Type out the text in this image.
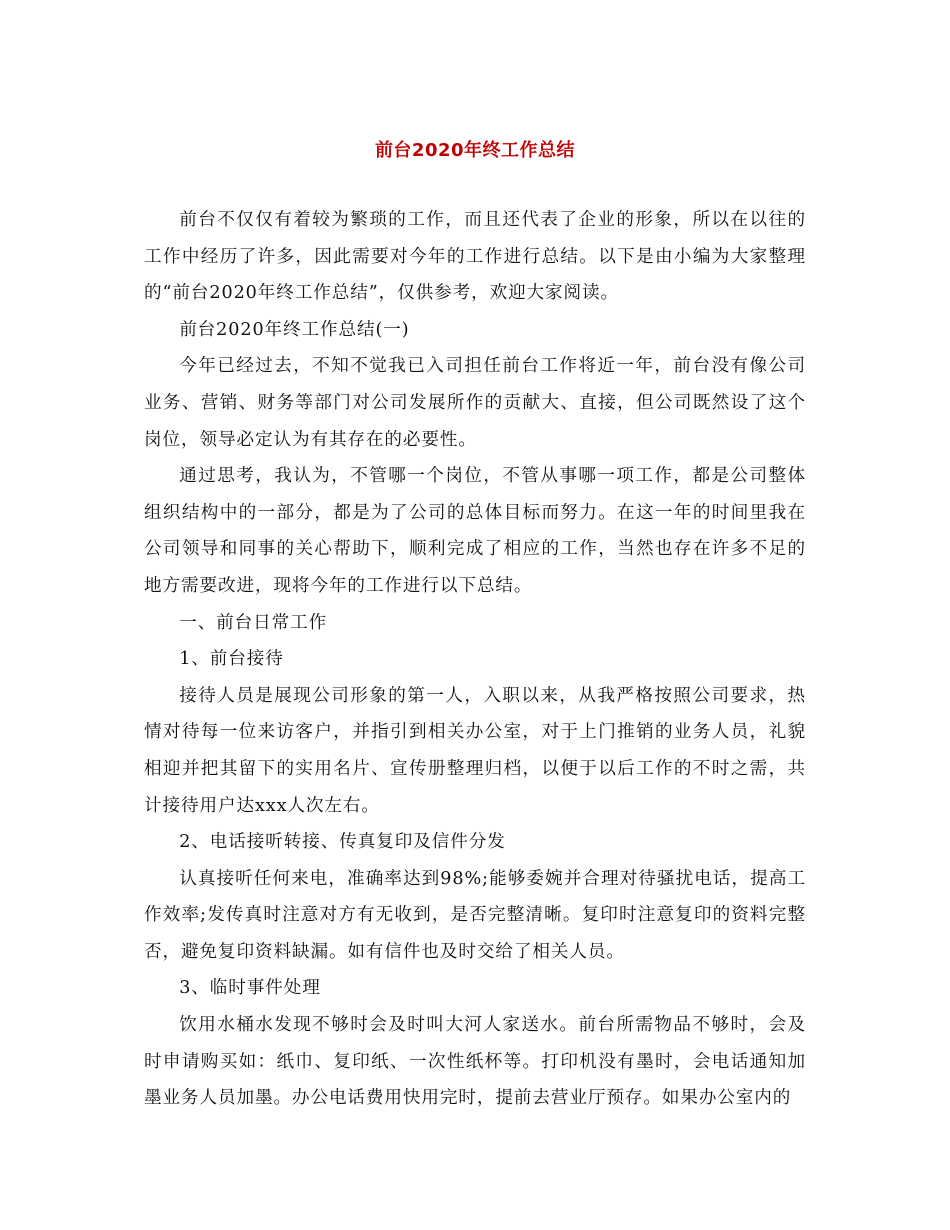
前台2020年终工作总结

前台不仅仅有着较为繁琐的工作，而且还代表了企业的形象，所以在以往的工作中经历了许多，因此需要对今年的工作进行总结。以下是由小编为大家整理的“前台2020年终工作总结”，仅供参考，欢迎大家阅读。

前台2020年终工作总结(一)

今年已经过去，不知不觉我已入司担任前台工作将近一年，前台没有像公司业务、营销、财务等部门对公司发展所作的贡献大、直接，但公司既然设了这个岗位，领导必定认为有其存在的必要性。

通过思考，我认为，不管哪一个岗位，不管从事哪一项工作，都是公司整体组织结构中的一部分，都是为了公司的总体目标而努力。在这一年的时间里我在公司领导和同事的关心帮助下，顺利完成了相应的工作，当然也存在许多不足的地方需要改进，现将今年的工作进行以下总结。

一、前台日常工作

1、前台接待

接待人员是展现公司形象的第一人，入职以来，从我严格按照公司要求，热情对待每一位来访客户，并指引到相关办公室，对于上门推销的业务人员，礼貌相迎并把其留下的实用名片、宣传册整理归档，以便于以后工作的不时之需，共计接待用户达xxx人次左右。

2、电话接听转接、传真复印及信件分发

认真接听任何来电，准确率达到98%;能够委婉并合理对待骚扰电话，提高工作效率;发传真时注意对方有无收到，是否完整清晰。复印时注意复印的资料完整否，避免复印资料缺漏。如有信件也及时交给了相关人员。

3、临时事件处理

饮用水桶水发现不够时会及时叫大河人家送水。前台所需物品不够时，会及时申请购买如：纸巾、复印纸、一次性纸杯等。打印机没有墨时，会电话通知加墨业务人员加墨。办公电话费用快用完时，提前去营业厅预存。如果办公室内的
